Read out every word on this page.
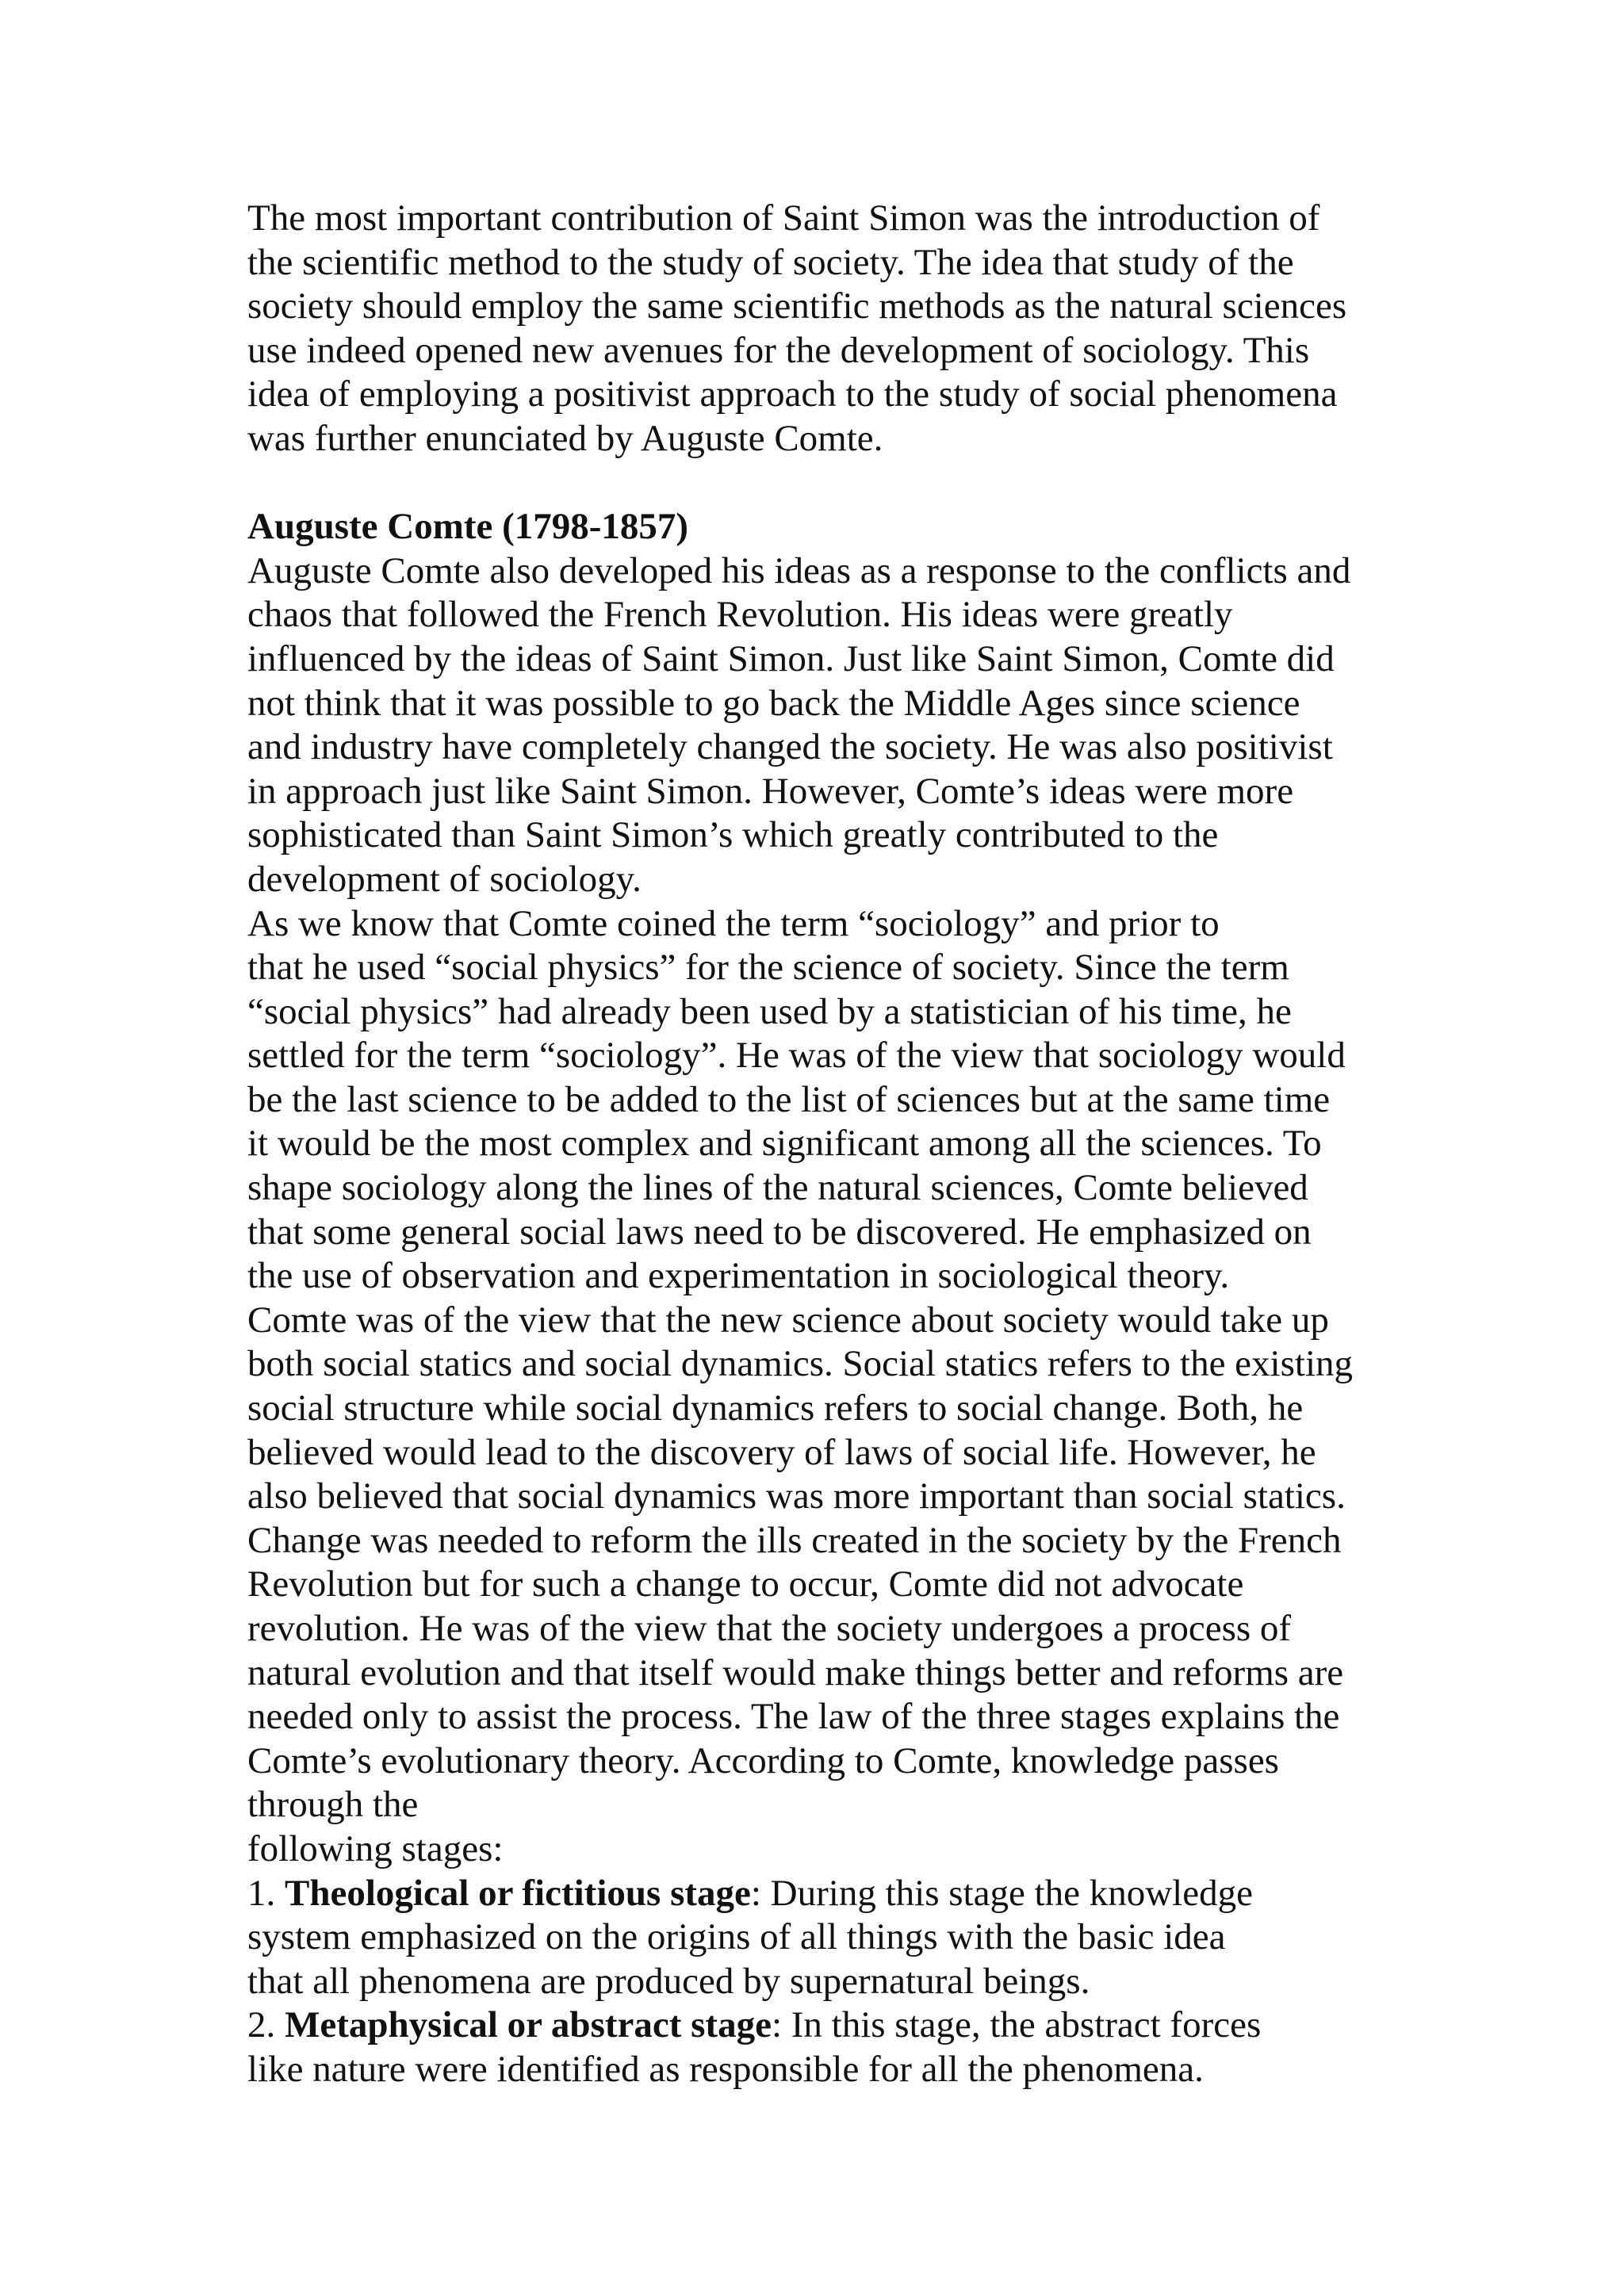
The most important contribution of Saint Simon was the introduction of
the scientific method to the study of society. The idea that study of the
society should employ the same scientific methods as the natural sciences
use indeed opened new avenues for the development of sociology. This
idea of employing a positivist approach to the study of social phenomena
was further enunciated by Auguste Comte.
Auguste Comte (1798-1857)
Auguste Comte also developed his ideas as a response to the conflicts and
chaos that followed the French Revolution. His ideas were greatly
influenced by the ideas of Saint Simon. Just like Saint Simon, Comte did
not think that it was possible to go back the Middle Ages since science
and industry have completely changed the society. He was also positivist
in approach just like Saint Simon. However, Comte’s ideas were more
sophisticated than Saint Simon’s which greatly contributed to the
development of sociology.
As we know that Comte coined the term “sociology” and prior to
that he used “social physics” for the science of society. Since the term
“social physics” had already been used by a statistician of his time, he
settled for the term “sociology”. He was of the view that sociology would
be the last science to be added to the list of sciences but at the same time
it would be the most complex and significant among all the sciences. To
shape sociology along the lines of the natural sciences, Comte believed
that some general social laws need to be discovered. He emphasized on
the use of observation and experimentation in sociological theory.
Comte was of the view that the new science about society would take up
both social statics and social dynamics. Social statics refers to the existing
social structure while social dynamics refers to social change. Both, he
believed would lead to the discovery of laws of social life. However, he
also believed that social dynamics was more important than social statics.
Change was needed to reform the ills created in the society by the French
Revolution but for such a change to occur, Comte did not advocate
revolution. He was of the view that the society undergoes a process of
natural evolution and that itself would make things better and reforms are
needed only to assist the process. The law of the three stages explains the
Comte’s evolutionary theory. According to Comte, knowledge passes
through the
following stages:
1. Theological or fictitious stage: During this stage the knowledge
system emphasized on the origins of all things with the basic idea
that all phenomena are produced by supernatural beings.
2. Metaphysical or abstract stage: In this stage, the abstract forces
like nature were identified as responsible for all the phenomena.
